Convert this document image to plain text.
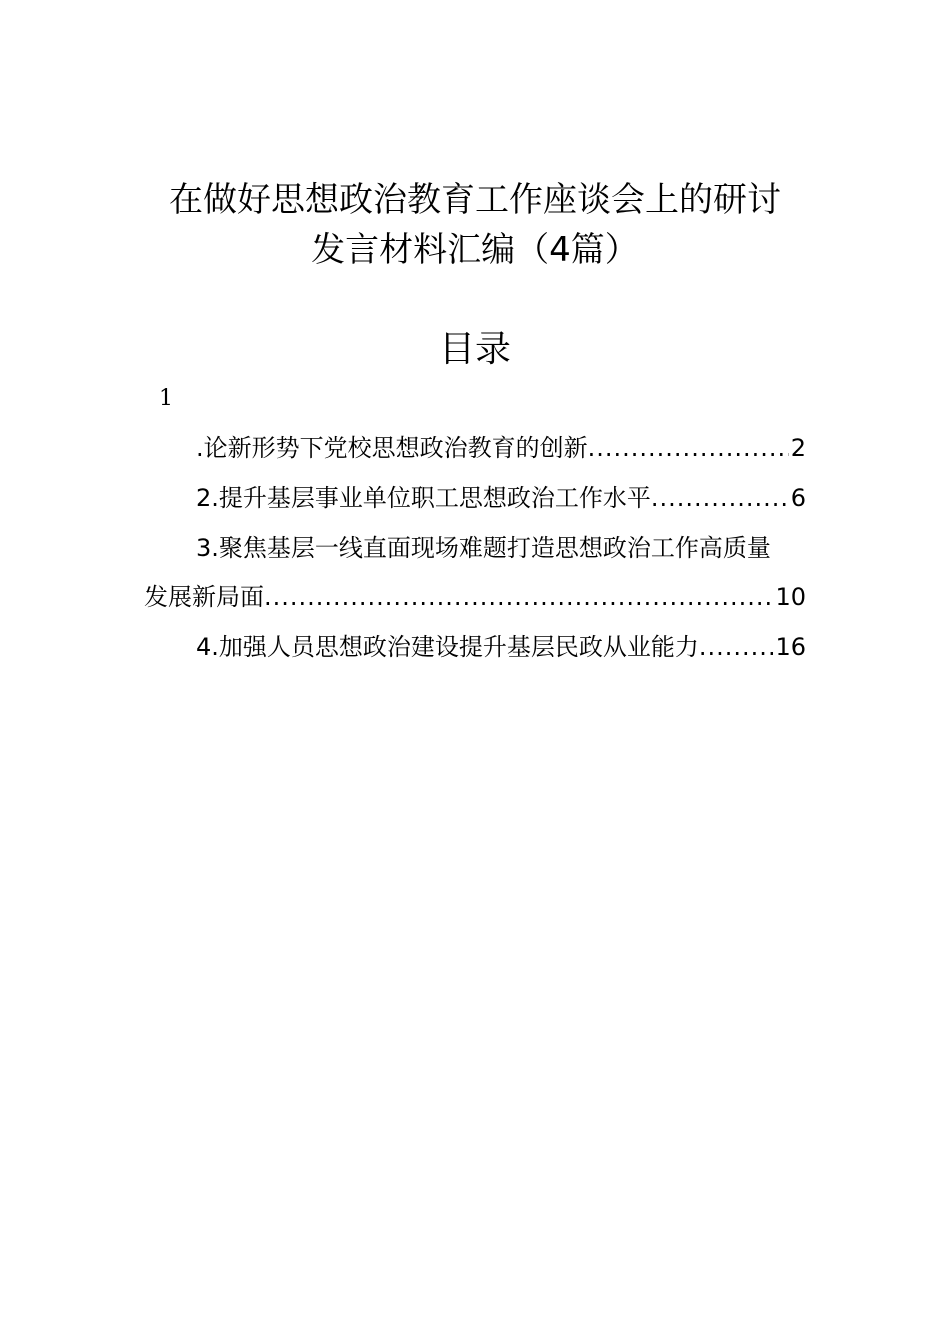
在做好思想政治教育工作座谈会上的研讨
发言材料汇编（4篇）
目录
1
.论新形势下党校思想政治教育的创新 .....	2
2.提升基层事业单位职工思想政治工作水平 .....	6
3.聚焦基层一线直面现场难题打造思想政治工作高质量
发展新局面 .....	10
4.加强人员思想政治建设提升基层民政从业能力 .....	16
